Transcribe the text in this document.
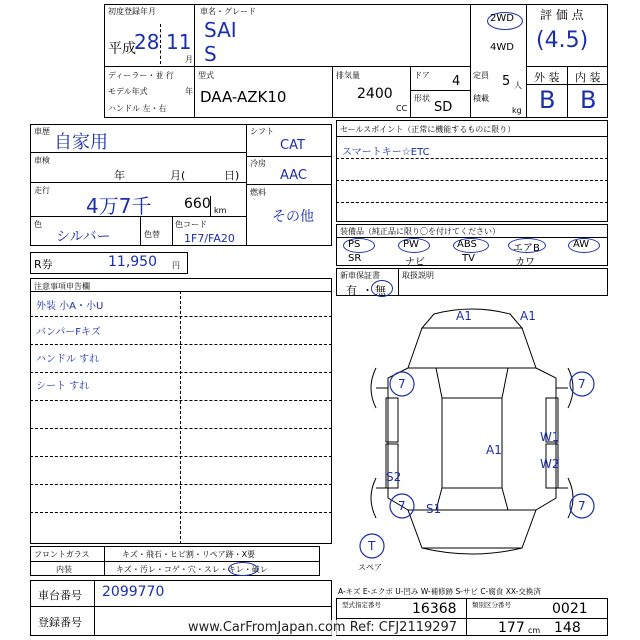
初度登録年月
平成
28 11
月
車名・グレード
SAI
S
2WD
4WD
評 価 点
(4.5)
ディーラー・並 行
モデル年式	年
ハンドル 左・右
型式
DAA-AZK10
排気量
2400
CC
ドア 4
形状
SD
定員 5 人
積載
kg
外 装 内 装
B B
車歴
自家用
車検
年	月(	日)
走行
4万7千 660 km
色
シルバー	色替
色コード
1F7/FA20
シフト
CAT
冷房
AAC
燃料
その他
R券	11,950 円
注意事項申告欄
外装 小A・小U
バンパーFキズ
ハンドル すれ
シート すれ
セールスポイント（正常に機能するものに限り）
スマートキー☆ETC
装備品（純正品に限り〇を付けてください）
PS	PW	ABS	エアB	AW
SR	ナビ	TV	カワ
新車保証書
有 ・ 無
取扱説明
A1	A1
7	7
A1
W1
W2
S2
7 S1	7
T
スペア
フロントガラス	キズ・飛石・ヒビ割・リペア跡・X要
内装	キズ・汚レ・コゲ・穴・スレ・キレ・破レ
車台番号 2099770
登録番号
A-キズ E-エクボ U-凹み W-補修跡 S-サビ C-腐食 XX-交換済
型式指定番号 16368 類別区分番号	0021
177 148
cm
www.CarFromJapan.com Ref: CFJ2119297
